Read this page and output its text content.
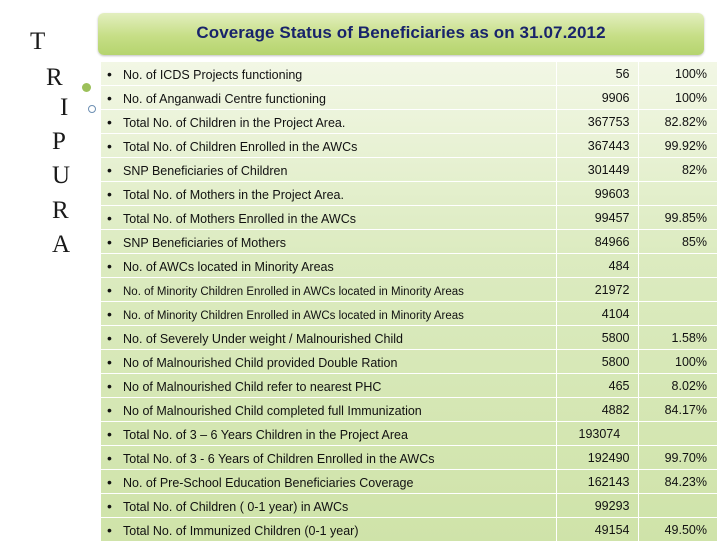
T
R
I
P
U
R
A
Coverage Status of Beneficiaries as on 31.07.2012
• No. of ICDS Projects functioning	56	100%
• No. of Anganwadi Centre functioning	9906	100%
• Total No. of Children in the Project Area.	367753	82.82%
• Total No. of Children Enrolled in the AWCs	367443	99.92%
• SNP Beneficiaries of Children	301449	82%
• Total No. of Mothers in the Project Area.	99603	
• Total No. of Mothers Enrolled in the AWCs	99457	99.85%
• SNP Beneficiaries of Mothers	84966	85%
• No. of AWCs located in Minority Areas	484	
• No. of Minority Children Enrolled in AWCs located in Minority Areas	21972	
• No. of Minority Children Enrolled in AWCs located in Minority Areas	4104	
• No. of Severely Under weight / Malnourished Child	5800	1.58%
• No of Malnourished Child provided Double Ration	5800	100%
• No of Malnourished Child refer to nearest PHC	465	8.02%
• No of Malnourished Child completed full Immunization	4882	84.17%
• Total No. of 3 – 6 Years Children in the Project Area	193074	
• Total No. of 3 - 6 Years of Children Enrolled in the AWCs	192490	99.70%
• No. of Pre-School Education Beneficiaries Coverage	162143	84.23%
• Total No. of Children ( 0-1 year) in AWCs	99293	
• Total No. of Immunized Children (0-1 year)	49154	49.50%
